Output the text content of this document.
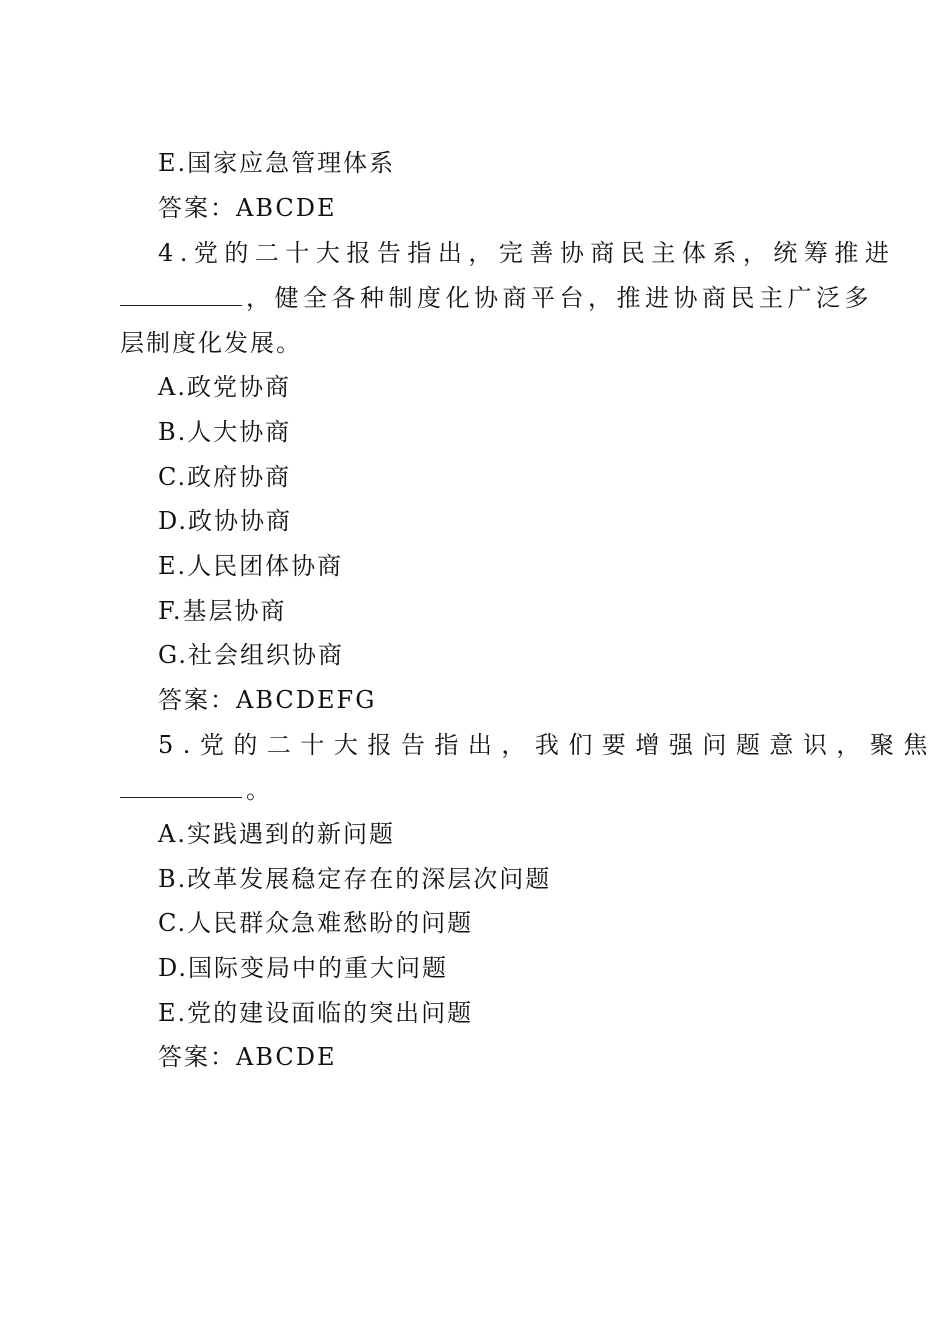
E.国家应急管理体系
答案：ABCDE
4.党的二十大报告指出，完善协商民主体系，统筹推进
，健全各种制度化协商平台，推进协商民主广泛多
层制度化发展。
A.政党协商
B.人大协商
C.政府协商
D.政协协商
E.人民团体协商
F.基层协商
G.社会组织协商
答案：ABCDEFG
5.党的二十大报告指出，我们要增强问题意识，聚焦
。
A.实践遇到的新问题
B.改革发展稳定存在的深层次问题
C.人民群众急难愁盼的问题
D.国际变局中的重大问题
E.党的建设面临的突出问题
答案：ABCDE
